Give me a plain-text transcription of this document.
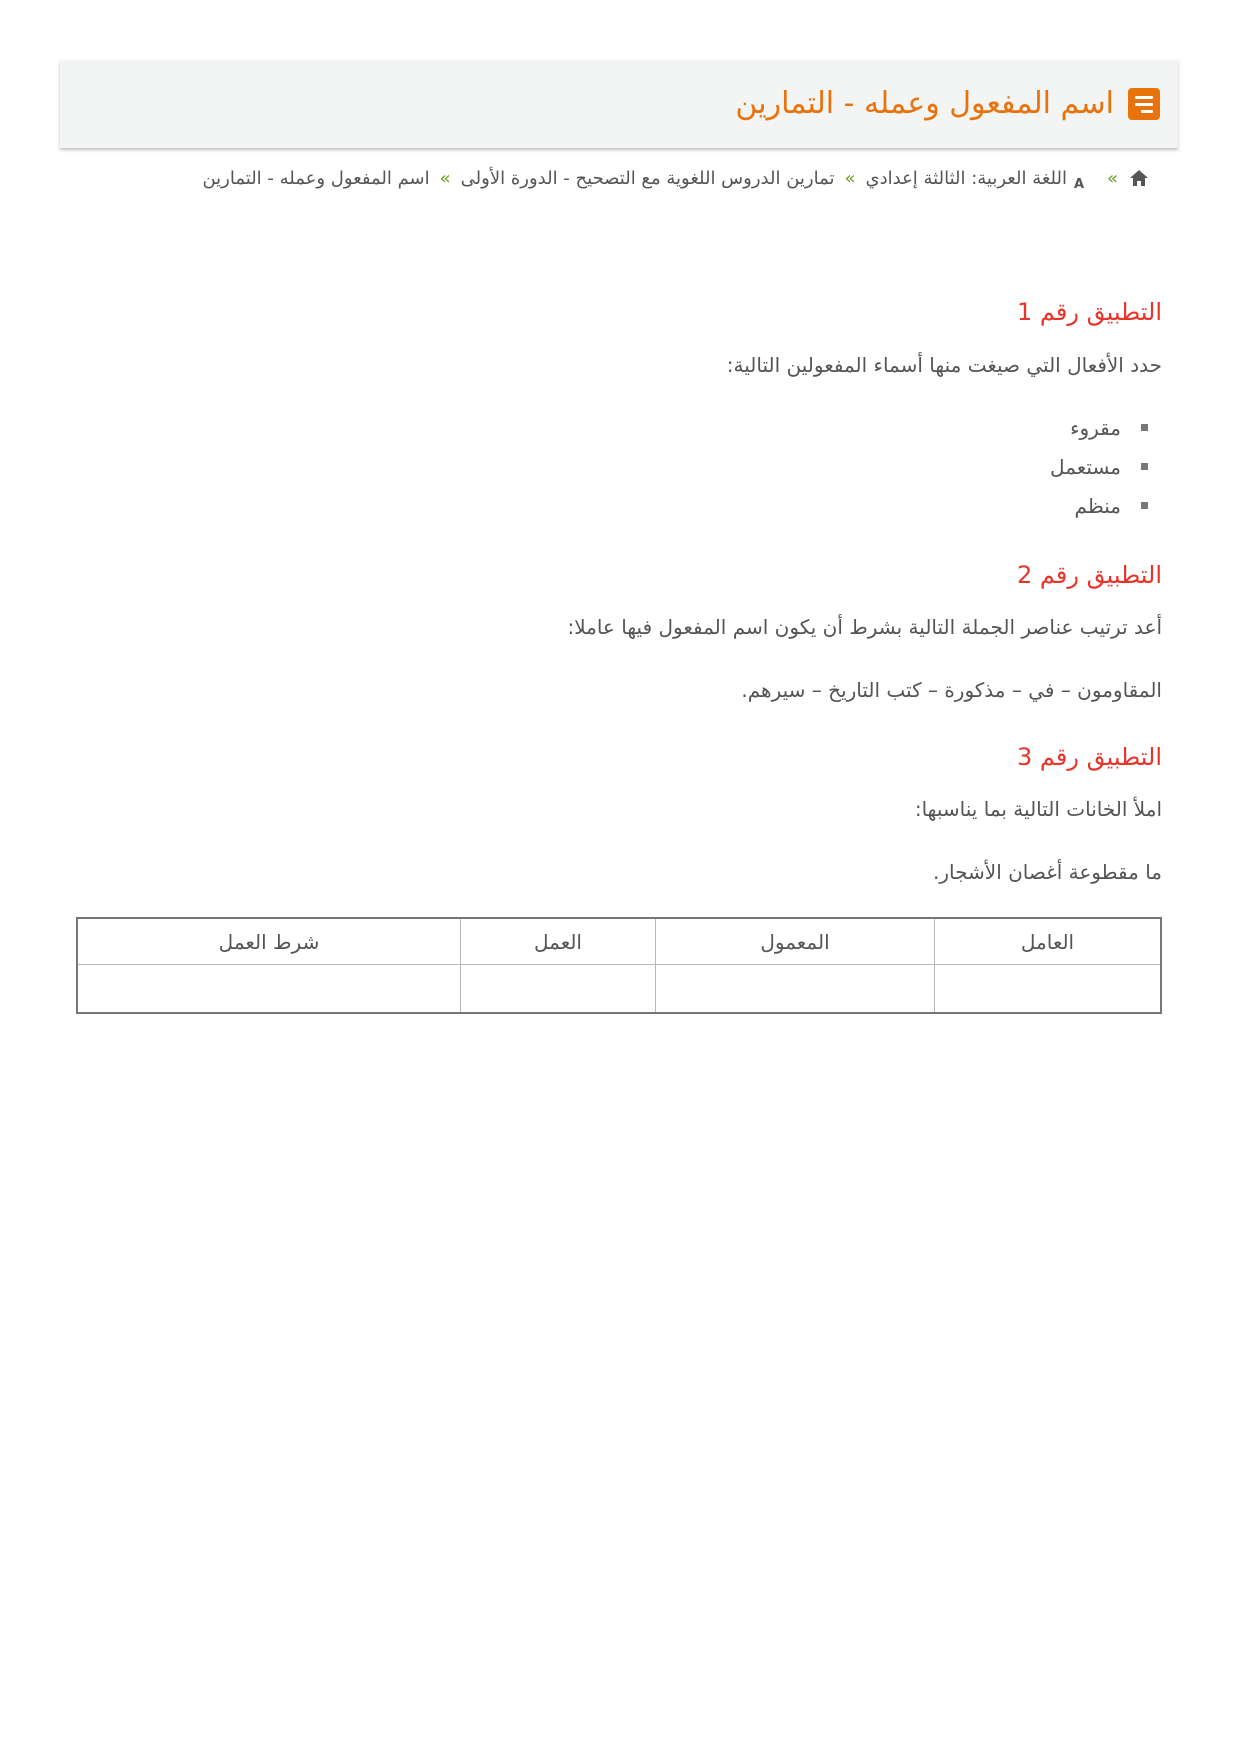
اسم المفعول وعمله - التمارين
»
A
اللغة العربية: الثالثة إعدادي
»
تمارين الدروس اللغوية مع التصحيح - الدورة الأولى
»
اسم المفعول وعمله - التمارين
التطبيق رقم 1

حدد الأفعال التي صيغت منها أسماء المفعولين التالية:

مقروء
مستعمل
منظم
التطبيق رقم 2

أعد ترتيب عناصر الجملة التالية بشرط أن يكون اسم المفعول فيها عاملا:

المقاومون – في – مذكورة – كتب التاريخ – سيرهم.

التطبيق رقم 3

املأ الخانات التالية بما يناسبها:

ما مقطوعة أغصان الأشجار.

العامل	المعمول	العمل	شرط العمل
